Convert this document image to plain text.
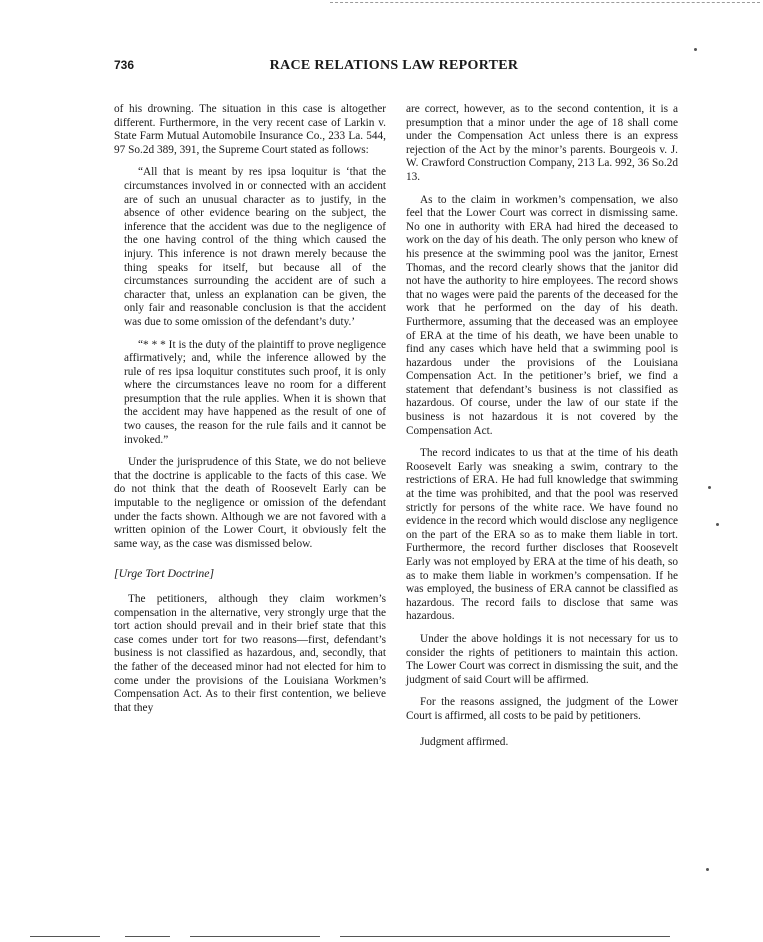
736	RACE RELATIONS LAW REPORTER

of his drowning. The situation in this case is altogether different. Furthermore, in the very recent case of Larkin v. State Farm Mutual Automobile Insurance Co., 233 La. 544, 97 So.2d 389, 391, the Supreme Court stated as follows:

“All that is meant by res ipsa loquitur is ‘that the circumstances involved in or connected with an accident are of such an unusual character as to justify, in the absence of other evidence bearing on the subject, the inference that the accident was due to the negligence of the one having control of the thing which caused the injury. This inference is not drawn merely because the thing speaks for itself, but because all of the circumstances surrounding the accident are of such a character that, unless an explanation can be given, the only fair and reasonable conclusion is that the accident was due to some omission of the defendant’s duty.’

“* * * It is the duty of the plaintiff to prove negligence affirmatively; and, while the inference allowed by the rule of res ipsa loquitur constitutes such proof, it is only where the circumstances leave no room for a different presumption that the rule applies. When it is shown that the accident may have happened as the result of one of two causes, the reason for the rule fails and it cannot be invoked.”

Under the jurisprudence of this State, we do not believe that the doctrine is applicable to the facts of this case. We do not think that the death of Roosevelt Early can be imputable to the negligence or omission of the defendant under the facts shown. Although we are not favored with a written opinion of the Lower Court, it obviously felt the same way, as the case was dismissed below.

[Urge Tort Doctrine]

The petitioners, although they claim workmen’s compensation in the alternative, very strongly urge that the tort action should prevail and in their brief state that this case comes under tort for two reasons—first, defendant’s business is not classified as hazardous, and, secondly, that the father of the deceased minor had not elected for him to come under the provisions of the Louisiana Workmen’s Compensation Act. As to their first contention, we believe that they

are correct, however, as to the second contention, it is a presumption that a minor under the age of 18 shall come under the Compensation Act unless there is an express rejection of the Act by the minor’s parents. Bourgeois v. J. W. Crawford Construction Company, 213 La. 992, 36 So.2d 13.

As to the claim in workmen’s compensation, we also feel that the Lower Court was correct in dismissing same. No one in authority with ERA had hired the deceased to work on the day of his death. The only person who knew of his presence at the swimming pool was the janitor, Ernest Thomas, and the record clearly shows that the janitor did not have the authority to hire employees. The record shows that no wages were paid the parents of the deceased for the work that he performed on the day of his death. Furthermore, assuming that the deceased was an employee of ERA at the time of his death, we have been unable to find any cases which have held that a swimming pool is hazardous under the provisions of the Louisiana Compensation Act. In the petitioner’s brief, we find a statement that defendant’s business is not classified as hazardous. Of course, under the law of our state if the business is not hazardous it is not covered by the Compensation Act.

The record indicates to us that at the time of his death Roosevelt Early was sneaking a swim, contrary to the restrictions of ERA. He had full knowledge that swimming at the time was prohibited, and that the pool was reserved strictly for persons of the white race. We have found no evidence in the record which would disclose any negligence on the part of the ERA so as to make them liable in tort. Furthermore, the record further discloses that Roosevelt Early was not employed by ERA at the time of his death, so as to make them liable in workmen’s compensation. If he was employed, the business of ERA cannot be classified as hazardous. The record fails to disclose that same was hazardous.

Under the above holdings it is not necessary for us to consider the rights of petitioners to maintain this action. The Lower Court was correct in dismissing the suit, and the judgment of said Court will be affirmed.

For the reasons assigned, the judgment of the Lower Court is affirmed, all costs to be paid by petitioners.

Judgment affirmed.
